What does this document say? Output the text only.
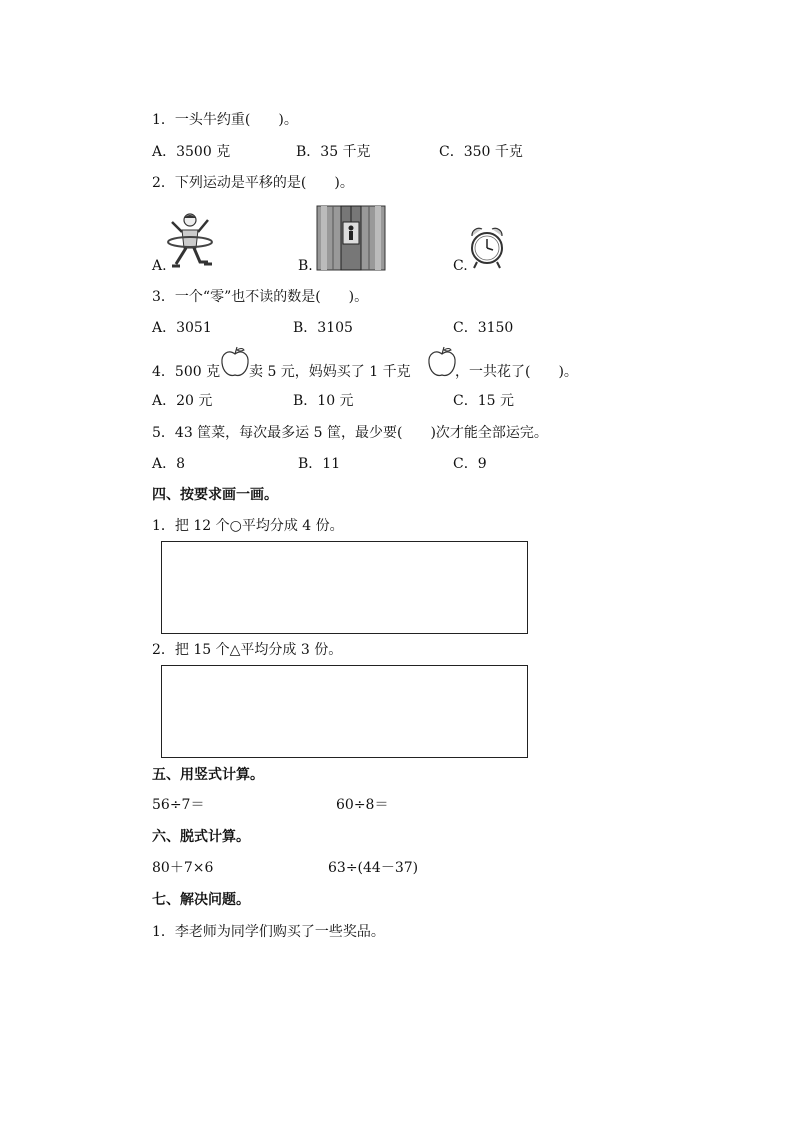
1．一头牛约重(　　)。
A．3500 克	B．35 千克	C．350 千克
2．下列运动是平移的是(　　)。
A.	B.	C.
3．一个“零”也不读的数是(　　)。
A．3051	B．3105	C．3150
4．500 克 卖 5 元，妈妈买了 1 千克	，一共花了(　　)。
A．20 元	B．10 元	C．15 元
5．43 筐菜，每次最多运 5 筐，最少要(　　)次才能全部运完。
A．8	B．11	C．9
四、按要求画一画。
1．把 12 个○平均分成 4 份。
2．把 15 个△平均分成 3 份。
五、用竖式计算。
56÷7＝	60÷8＝
六、脱式计算。
80＋7×6	63÷(44－37)
七、解决问题。
1．李老师为同学们购买了一些奖品。
